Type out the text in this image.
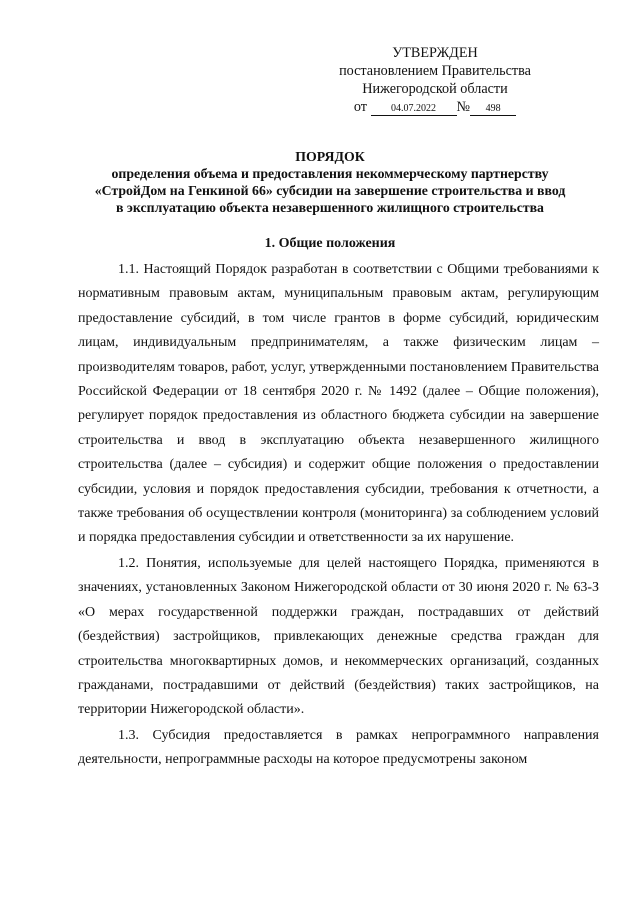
УТВЕРЖДЕН
постановлением Правительства
Нижегородской области
от 04.07.2022 № 498
ПОРЯДОК
определения объема и предоставления некоммерческому партнерству
«СтройДом на Генкиной 66» субсидии на завершение строительства и ввод
в эксплуатацию объекта незавершенного жилищного строительства
1. Общие положения

1.1. Настоящий Порядок разработан в соответствии с Общими требованиями к нормативным правовым актам, муниципальным правовым актам, регулирующим предоставление субсидий, в том числе грантов в форме субсидий, юридическим лицам, индивидуальным предпринимателям, а также физическим лицам – производителям товаров, работ, услуг, утвержденными постановлением Правительства Российской Федерации от 18 сентября 2020 г. № 1492 (далее – Общие положения), регулирует порядок предоставления из областного бюджета субсидии на завершение строительства и ввод в эксплуатацию объекта незавершенного жилищного строительства (далее – субсидия) и содержит общие положения о предоставлении субсидии, условия и порядок предоставления субсидии, требования к отчетности, а также требования об осуществлении контроля (мониторинга) за соблюдением условий и порядка предоставления субсидии и ответственности за их нарушение.

1.2. Понятия, используемые для целей настоящего Порядка, применяются в значениях, установленных Законом Нижегородской области от 30 июня 2020 г. № 63-З «О мерах государственной поддержки граждан, пострадавших от действий (бездействия) застройщиков, привлекающих денежные средства граждан для строительства многоквартирных домов, и некоммерческих организаций, созданных гражданами, пострадавшими от действий (бездействия) таких застройщиков, на территории Нижегородской области».

1.3. Субсидия предоставляется в рамках непрограммного направления деятельности, непрограммные расходы на которое предусмотрены законом
